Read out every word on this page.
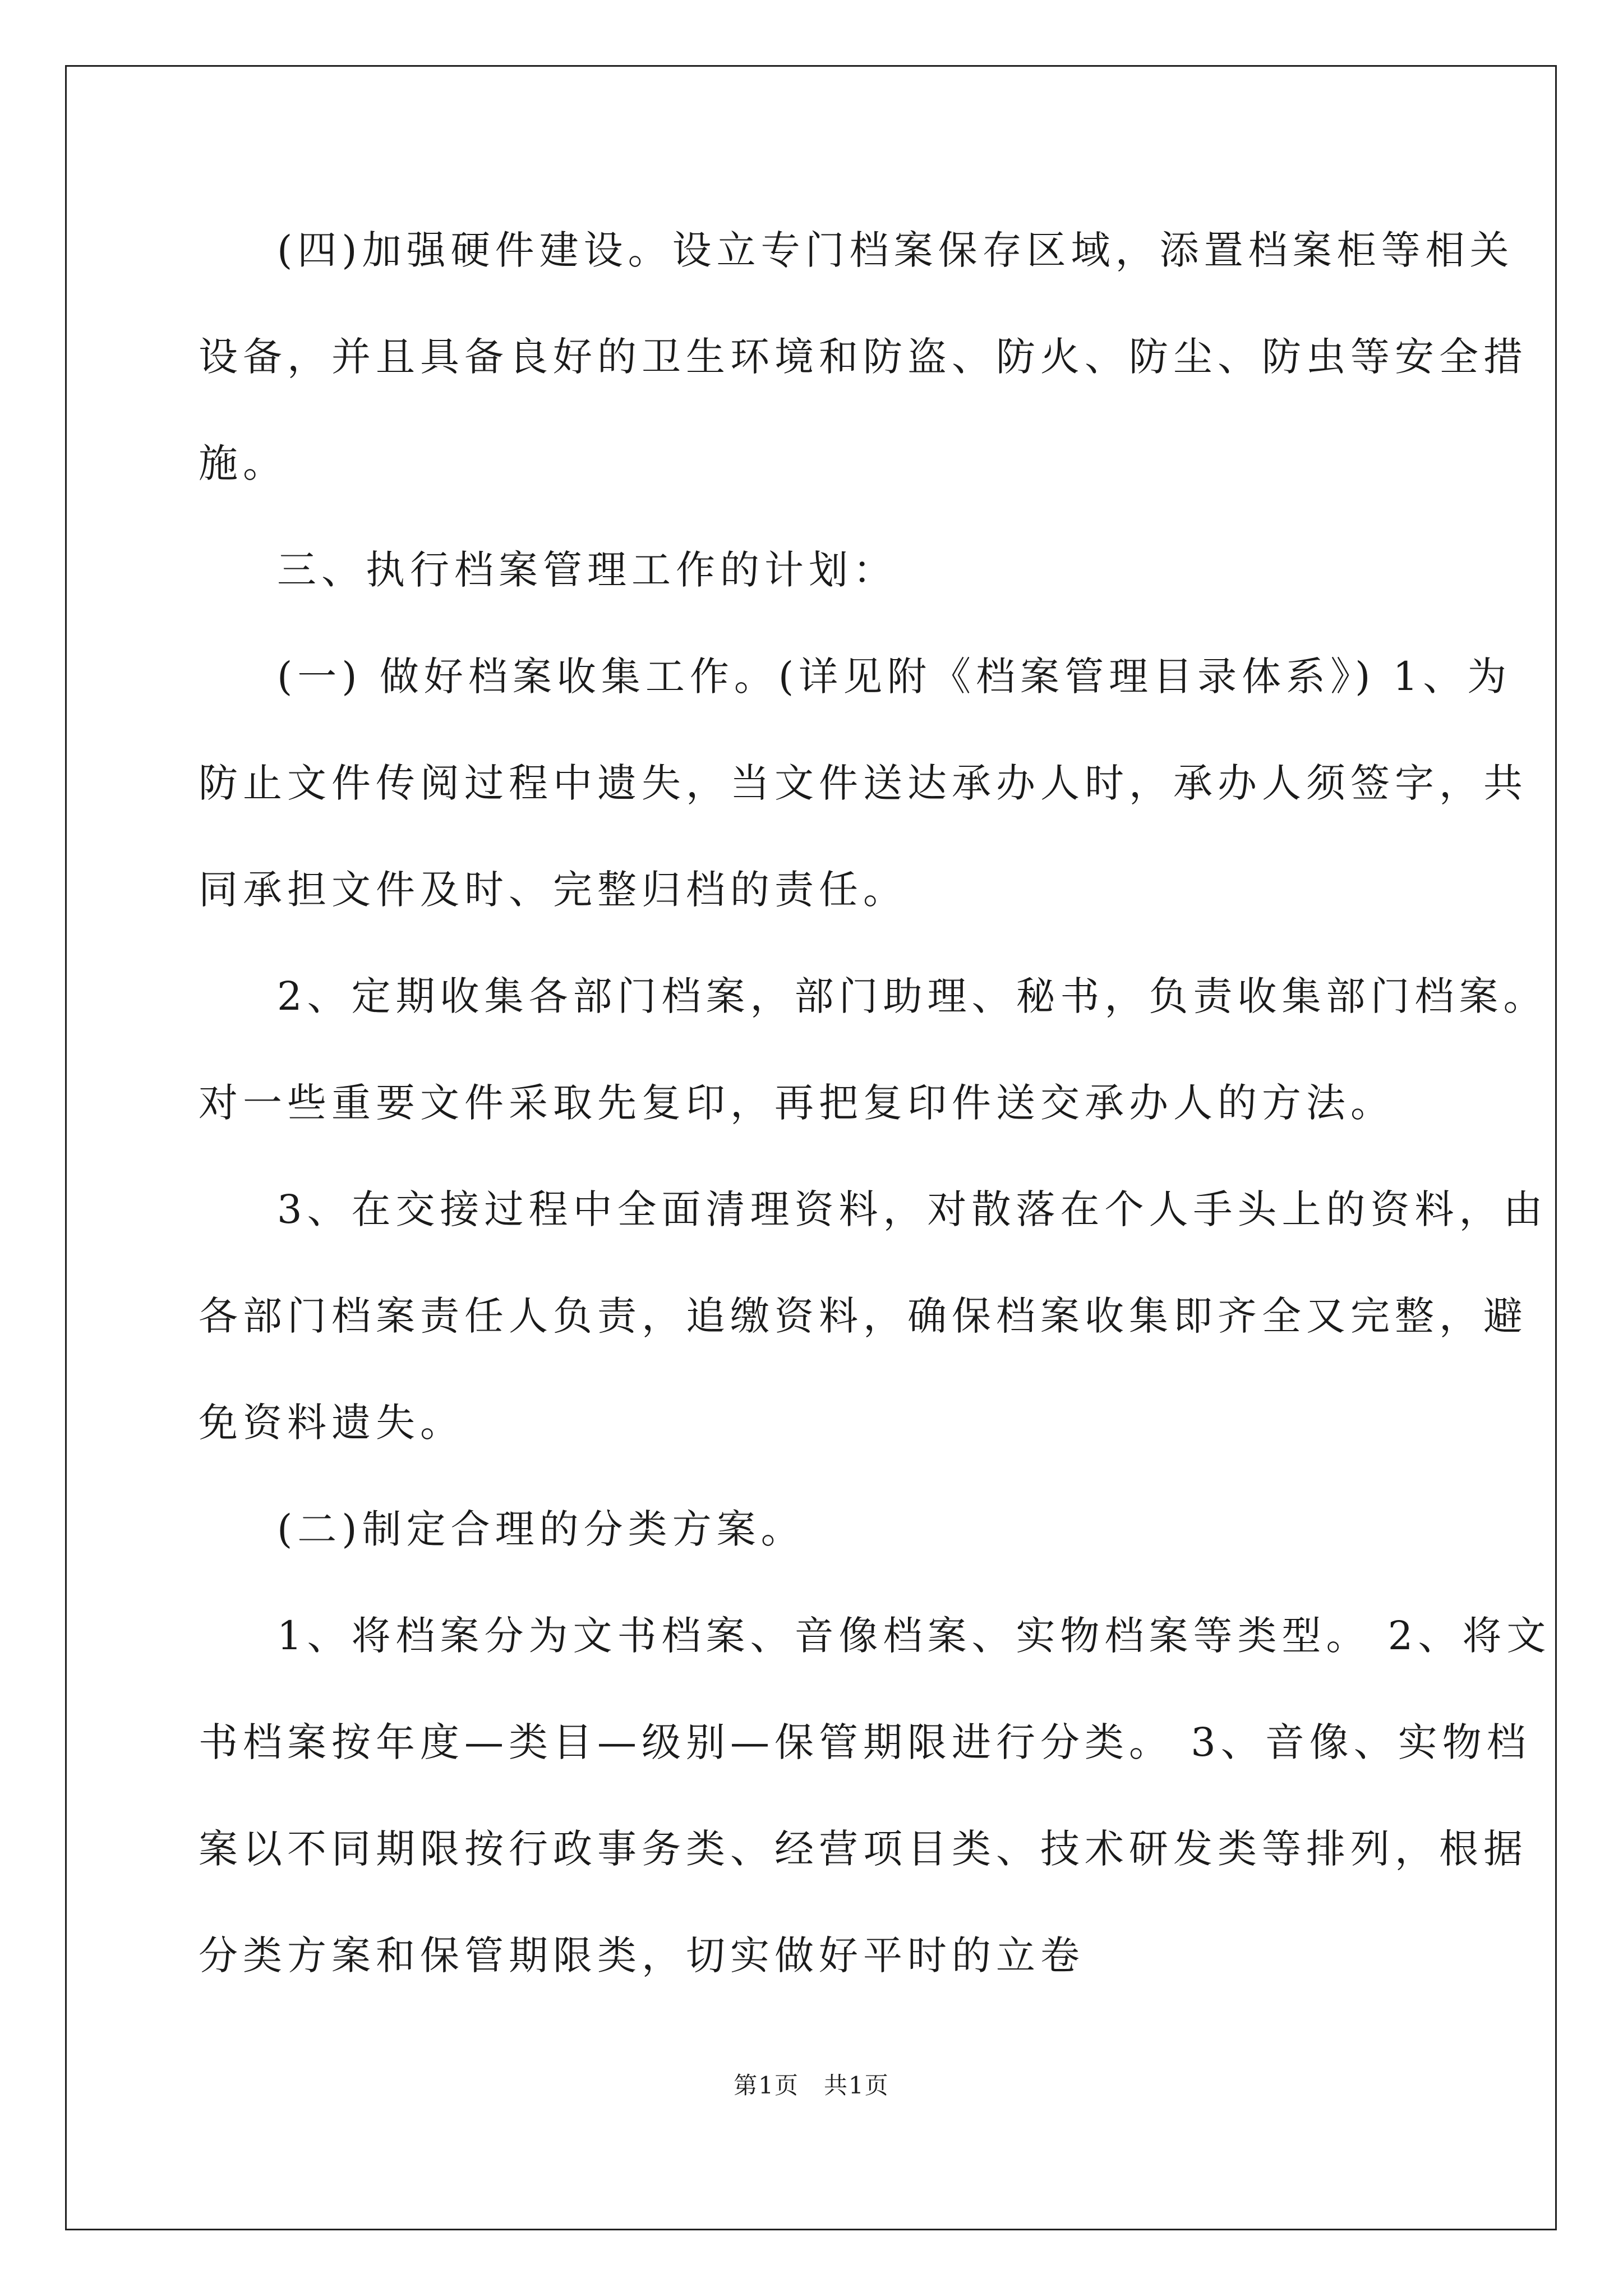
(四)加强硬件建设。设立专门档案保存区域，添置档案柜等相关
设备，并且具备良好的卫生环境和防盗、防火、防尘、防虫等安全措
施。
三、执行档案管理工作的计划：
(一) 做好档案收集工作。(详见附《档案管理目录体系》) 1、为
防止文件传阅过程中遗失，当文件送达承办人时，承办人须签字，共
同承担文件及时、完整归档的责任。
2、定期收集各部门档案，部门助理、秘书，负责收集部门档案。
对一些重要文件采取先复印，再把复印件送交承办人的方法。
3、在交接过程中全面清理资料，对散落在个人手头上的资料，由
各部门档案责任人负责，追缴资料，确保档案收集即齐全又完整，避
免资料遗失。
(二)制定合理的分类方案。
1、将档案分为文书档案、音像档案、实物档案等类型。 2、将文
书档案按年度—类目—级别—保管期限进行分类。 3、音像、实物档
案以不同期限按行政事务类、经营项目类、技术研发类等排列，根据
分类方案和保管期限类，切实做好平时的立卷
第1页　共1页
